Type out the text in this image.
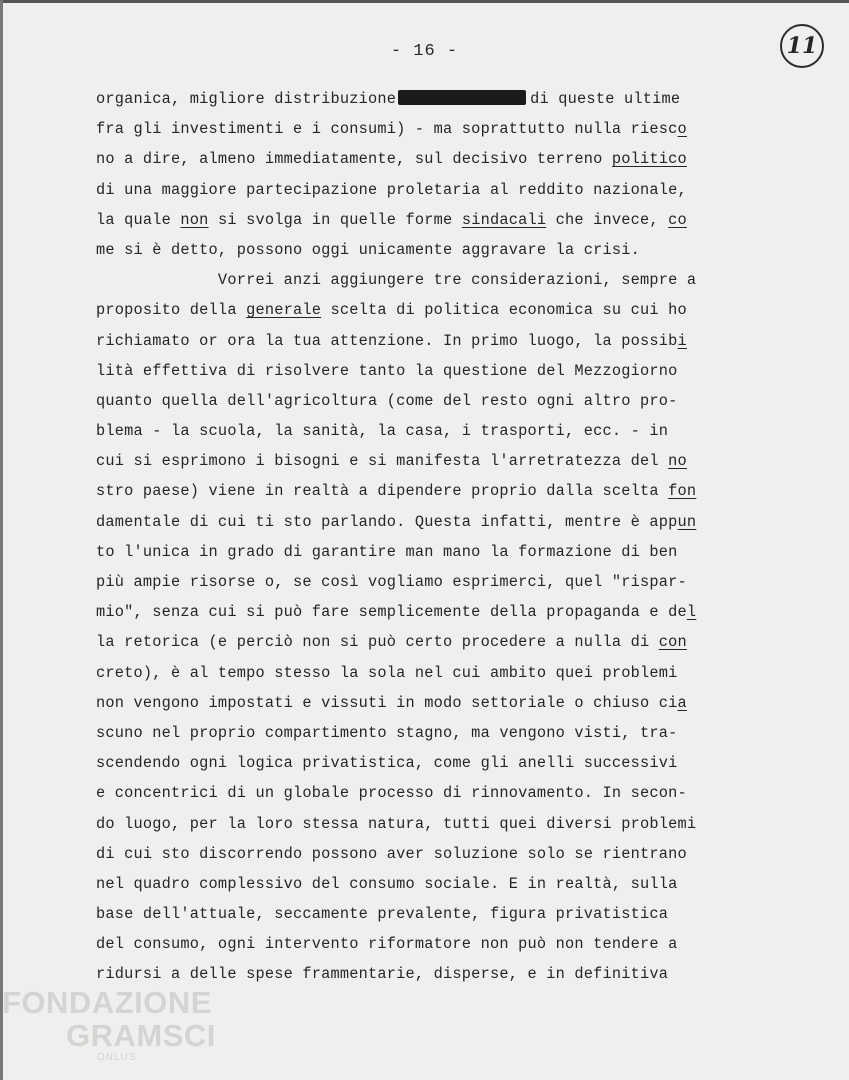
- 16 -	11
organica, migliore distribuzione	di queste ultime
fra gli investimenti e i consumi) - ma soprattutto nulla riesco
no a dire, almeno immediatamente, sul decisivo terreno politico
di una maggiore partecipazione proletaria al reddito nazionale,
la quale non si svolga in quelle forme sindacali che invece, co
me si è detto, possono oggi unicamente aggravare la crisi.
Vorrei anzi aggiungere tre considerazioni, sempre a
proposito della generale scelta di politica economica su cui ho
richiamato or ora la tua attenzione. In primo luogo, la possibi
lità effettiva di risolvere tanto la questione del Mezzogiorno
quanto quella dell'agricoltura (come del resto ogni altro pro-
blema - la scuola, la sanità, la casa, i trasporti, ecc. - in
cui si esprimono i bisogni e si manifesta l'arretratezza del no
stro paese) viene in realtà a dipendere proprio dalla scelta fon
damentale di cui ti sto parlando. Questa infatti, mentre è appun
to l'unica in grado di garantire man mano la formazione di ben
più ampie risorse o, se così vogliamo esprimerci, quel "rispar-
mio", senza cui si può fare semplicemente della propaganda e del
la retorica (e perciò non si può certo procedere a nulla di con
creto), è al tempo stesso la sola nel cui ambito quei problemi
non vengono impostati e vissuti in modo settoriale o chiuso cia
scuno nel proprio compartimento stagno, ma vengono visti, tra-
scendendo ogni logica privatistica, come gli anelli successivi
e concentrici di un globale processo di rinnovamento. In secon-
do luogo, per la loro stessa natura, tutti quei diversi problemi
di cui sto discorrendo possono aver soluzione solo se rientrano
nel quadro complessivo del consumo sociale. E in realtà, sulla
base dell'attuale, seccamente prevalente, figura privatistica
del consumo, ogni intervento riformatore non può non tendere a
ridursi a delle spese frammentarie, disperse, e in definitiva
FONDAZIONE
GRAMSCI
ONLUS
